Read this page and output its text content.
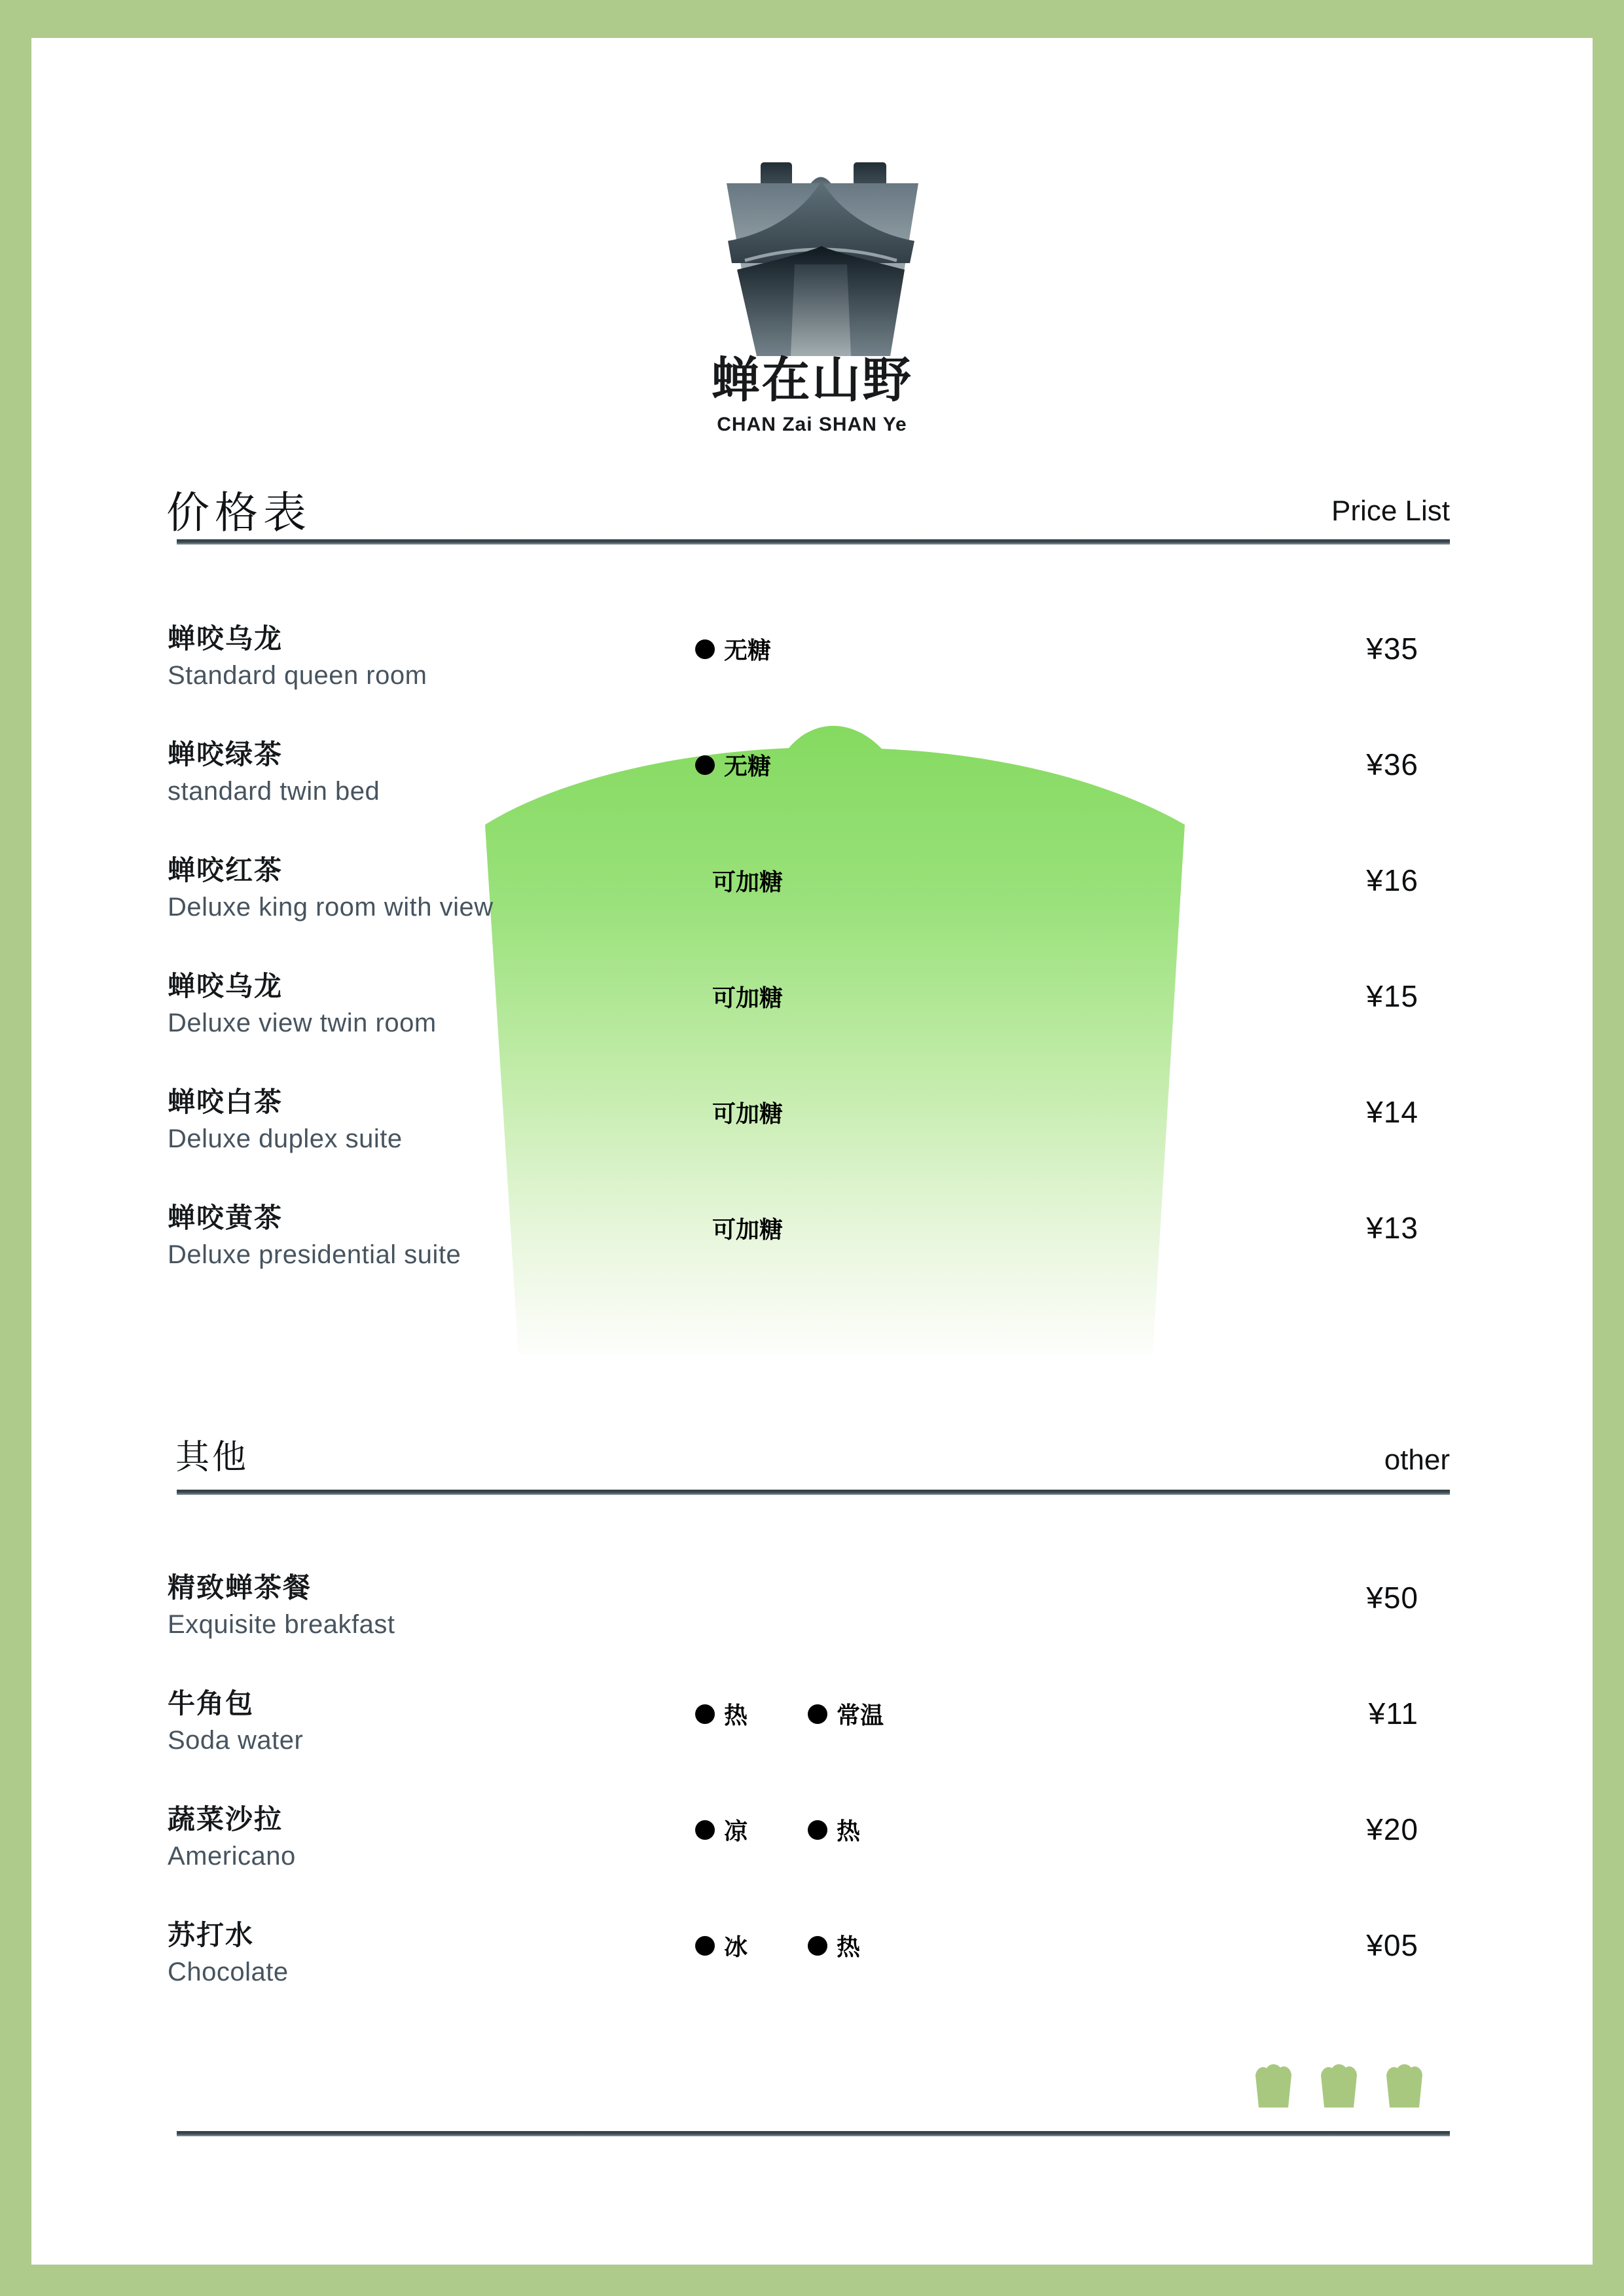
蝉在山野
CHAN Zai SHAN Ye
价格表	Price List
蝉咬乌龙
Standard queen room
无糖	¥35
蝉咬绿茶
standard twin bed
无糖	¥36
蝉咬红茶
Deluxe king room with view
可加糖	¥16
蝉咬乌龙
Deluxe view twin room
可加糖	¥15
蝉咬白茶
Deluxe duplex suite
可加糖	¥14
蝉咬黄茶
Deluxe presidential suite
可加糖	¥13
其他	other
精致蝉茶餐
Exquisite breakfast
¥50
牛角包
Soda water
热	常温	¥11
蔬菜沙拉
Americano
凉	热	¥20
苏打水
Chocolate
冰	热	¥05
